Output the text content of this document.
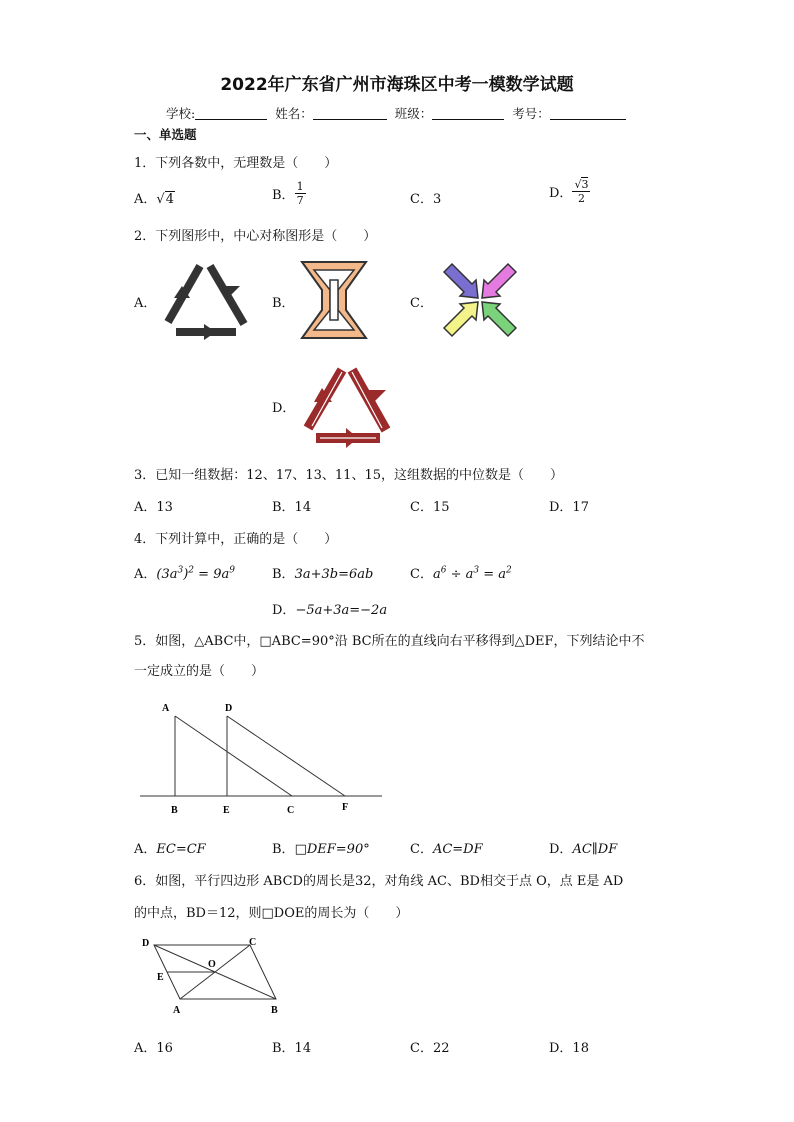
2022年广东省广州市海珠区中考一模数学试题
学校:	姓名：	班级：	考号：
一、单选题
1．下列各数中，无理数是（　　）
A．√4	B． $\frac{1}{7}$	C．3	D． $\frac{√3}{2}$
2．下列图形中，中心对称图形是（　　）
A．	B．	C．
D．
3．已知一组数据：12、17、13、11、15，这组数据的中位数是（　　）
A．13	B．14	C．15	D．17
4．下列计算中，正确的是（　　）
A．$(3a^3)^2 = 9a^9$	B．3a+3b=6ab	C．$a^6 \div a^3 = a^2$
D．−5a+3a=−2a
5．如图，△ABC中，□ABC=90°沿 BC所在的直线向右平移得到△DEF，下列结论中不
一定成立的是（　　）
A	D
B	E	C	F
A．EC=CF	B．□DEF=90°	C．AC=DF	D．AC∥DF
6．如图，平行四边形 ABCD的周长是32，对角线 AC、BD相交于点 O，点 E是 AD
的中点，BD＝12，则□DOE的周长为（　　）
D	C
O
E
A	B
A．16	B．14	C．22	D．18
